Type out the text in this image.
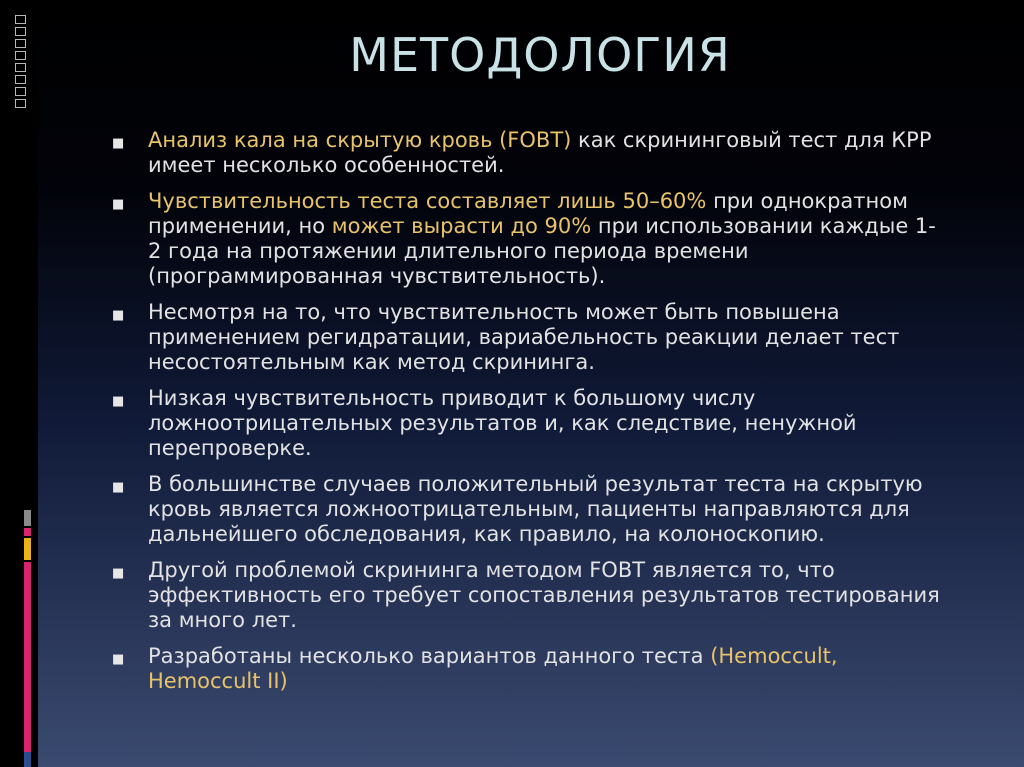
МЕТОДОЛОГИЯ
■ Анализ кала на скрытую кровь (FOBT) как скрининговый тест для КРР имеет несколько особенностей.
■ Чувствительность теста составляет лишь 50–60% при однократном применении, но может вырасти до 90% при использовании каждые 1-2 года на протяжении длительного периода времени (программированная чувствительность).
■ Несмотря на то, что чувствительность может быть повышена применением регидратации, вариабельность реакции делает тест несостоятельным как метод скрининга.
■ Низкая чувствительность приводит к большому числу ложноотрицательных результатов и, как следствие, ненужной перепроверке.
■ В большинстве случаев положительный результат теста на скрытую кровь является ложноотрицательным, пациенты направляются для дальнейшего обследования, как правило, на колоноскопию.
■ Другой проблемой скрининга методом FOBT является то, что эффективность его требует сопоставления результатов тестирования за много лет.
■ Разработаны несколько вариантов данного теста (Hemoccult, Hemoccult II)
